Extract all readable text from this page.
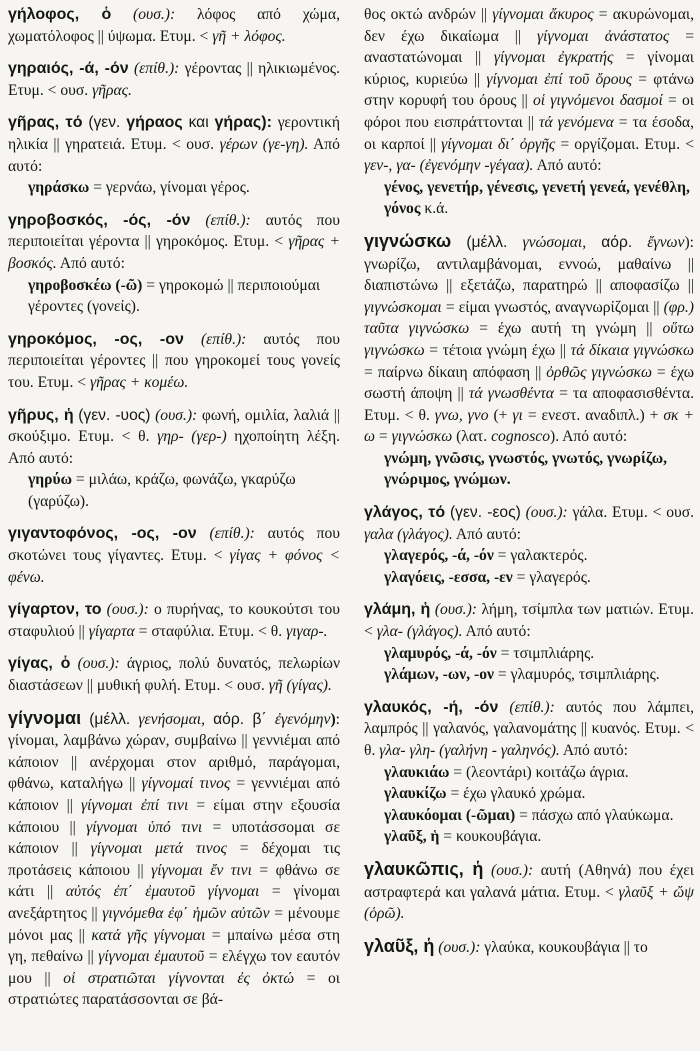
γήλοφος, ὁ (ουσ.): λόφος από χώμα, χωματόλοφος || ύψωμα. Ετυμ. < γῆ + λόφος.
γηραιός, -ά, -όν (επίθ.): γέροντας || ηλικιωμένος. Ετυμ. < ουσ. γῆρας.
γῆρας, τό (γεν. γήραος και γήρας): γεροντική ηλικία || γηρατειά. Ετυμ. < ουσ. γέρων (γε-γη). Από αυτό:
γηράσκω = γερνάω, γίνομαι γέρος.
γηροβοσκός, -ός, -όν (επίθ.): αυτός που περιποιείται γέροντα || γηροκόμος. Ετυμ. < γῆρας + βοσκός. Από αυτό:
γηροβοσκέω (-ῶ) = γηροκομώ || περιποιούμαι γέροντες (γονείς).
γηροκόμος, -ος, -ον (επίθ.): αυτός που περιποιείται γέροντες || που γηροκομεί τους γονείς του. Ετυμ. < γῆρας + κομέω.
γῆρυς, ἡ (γεν. -υος) (ουσ.): φωνή, ομιλία, λαλιά || σκούξιμο. Ετυμ. < θ. γηρ- (γερ-) ηχοποίητη λέξη. Από αυτό:
γηρύω = μιλάω, κράζω, φωνάζω, γκαρύζω (γαρύζω).
γιγαντοφόνος, -ος, -ον (επίθ.): αυτός που σκοτώνει τους γίγαντες. Ετυμ. < γίγας + φόνος < φένω.
γίγαρτον, το (ουσ.): ο πυρήνας, το κουκούτσι του σταφυλιού || γίγαρτα = σταφύλια. Ετυμ. < θ. γιγαρ-.
γίγας, ὁ (ουσ.): άγριος, πολύ δυνατός, πελωρίων διαστάσεων || μυθική φυλή. Ετυμ. < ουσ. γῆ (γίγας).
γίγνομαι (μέλλ. γενήσομαι, αόρ. β΄ ἐγενόμην): γίνομαι, λαμβάνω χώραν, συμβαίνω || γεννιέμαι από κάποιον || ανέρχομαι στον αριθμό, παράγομαι, φθάνω, καταλήγω || γίγνομαί τινος = γεννιέμαι από κάποιον || γίγνομαι ἐπί τινι = είμαι στην εξουσία κάποιου || γίγνομαι ὑπό τινι = υποτάσσομαι σε κάποιον || γίγνομαι μετά τινος = δέχομαι τις προτάσεις κάποιου || γίγνομαι ἔν τινι = φθάνω σε κάτι || αὐτός ἐπ΄ ἐμαυτοῦ γίγνομαι = γίνομαι ανεξάρτητος || γιγνόμεθα ἐφ΄ ἡμῶν αὐτῶν = μένουμε μόνοι μας || κατά γῆς γίγνομαι = μπαίνω μέσα στη γη, πεθαίνω || γίγνομαι ἐμαυτοῦ = ελέγχω τον εαυτόν μου || οἱ στρατιῶται γίγνονται ἐς ὀκτώ = οι στρατιώτες παρατάσσονται σε βά-
θος οκτώ ανδρών || γίγνομαι ἄκυρος = ακυρώνομαι, δεν έχω δικαίωμα || γίγνομαι ἀνάστατος = αναστατώνομαι || γίγνομαι ἐγκρατής = γίνομαι κύριος, κυριεύω || γίγνομαι ἐπί τοῦ ὄρους = φτάνω στην κορυφή του όρους || οἱ γιγνόμενοι δασμοί = οι φόροι που εισπράττονται || τά γενόμενα = τα έσοδα, οι καρποί || γίγνομαι δι΄ ὀργῆς = οργίζομαι. Ετυμ. < γεν-, γα- (ἐγενόμην -γέγαα). Από αυτό:
γένος, γενετήρ, γένεσις, γενετή γενεά, γενέθλη, γόνος κ.ά.
γιγνώσκω (μέλλ. γνώσομαι, αόρ. ἔγνων): γνωρίζω, αντιλαμβάνομαι, εννοώ, μαθαίνω || διαπιστώνω || εξετάζω, παρατηρώ || αποφασίζω || γιγνώσκομαι = είμαι γνωστός, αναγνωρίζομαι || (φρ.) ταῦτα γιγνώσκω = έχω αυτή τη γνώμη || οὕτω γιγνώσκω = τέτοια γνώμη έχω || τά δίκαια γιγνώσκω = παίρνω δίκαιη απόφαση || ὀρθῶς γιγνώσκω = έχω σωστή άποψη || τά γνωσθέντα = τα αποφασισθέντα. Ετυμ. < θ. γνω, γνο (+ γι = ενεστ. αναδιπλ.) + σκ + ω = γιγνώσκω (λατ. cognosco). Από αυτό:
γνώμη, γνῶσις, γνωστός, γνωτός, γνωρίζω, γνώριμος, γνώμων.
γλάγος, τό (γεν. -εος) (ουσ.): γάλα. Ετυμ. < ουσ. γαλα (γλάγος). Από αυτό:
γλαγερός, -ά, -όν = γαλακτερός.
γλαγόεις, -εσσα, -εν = γλαγερός.
γλάμη, ἡ (ουσ.): λήμη, τσίμπλα των ματιών. Ετυμ. < γλα- (γλάγος). Από αυτό:
γλαμυρός, -ά, -όν = τσιμπλιάρης.
γλάμων, -ων, -ον = γλαμυρός, τσιμπλιάρης.
γλαυκός, -ή, -όν (επίθ.): αυτός που λάμπει, λαμπρός || γαλανός, γαλανομάτης || κυανός. Ετυμ. < θ. γλα- γλη- (γαλήνη - γαληνός). Από αυτό:
γλαυκιάω = (λεοντάρι) κοιτάζω άγρια.
γλαυκίζω = έχω γλαυκό χρώμα.
γλαυκόομαι (-ῶμαι) = πάσχω από γλαύκωμα.
γλαῦξ, ἡ = κουκουβάγια.
γλαυκῶπις, ἡ (ουσ.): αυτή (Αθηνά) που έχει αστραφτερά και γαλανά μάτια. Ετυμ. < γλαῦξ + ὤψ (ὁρῶ).
γλαῦξ, ἡ (ουσ.): γλαύκα, κουκουβάγια || το
